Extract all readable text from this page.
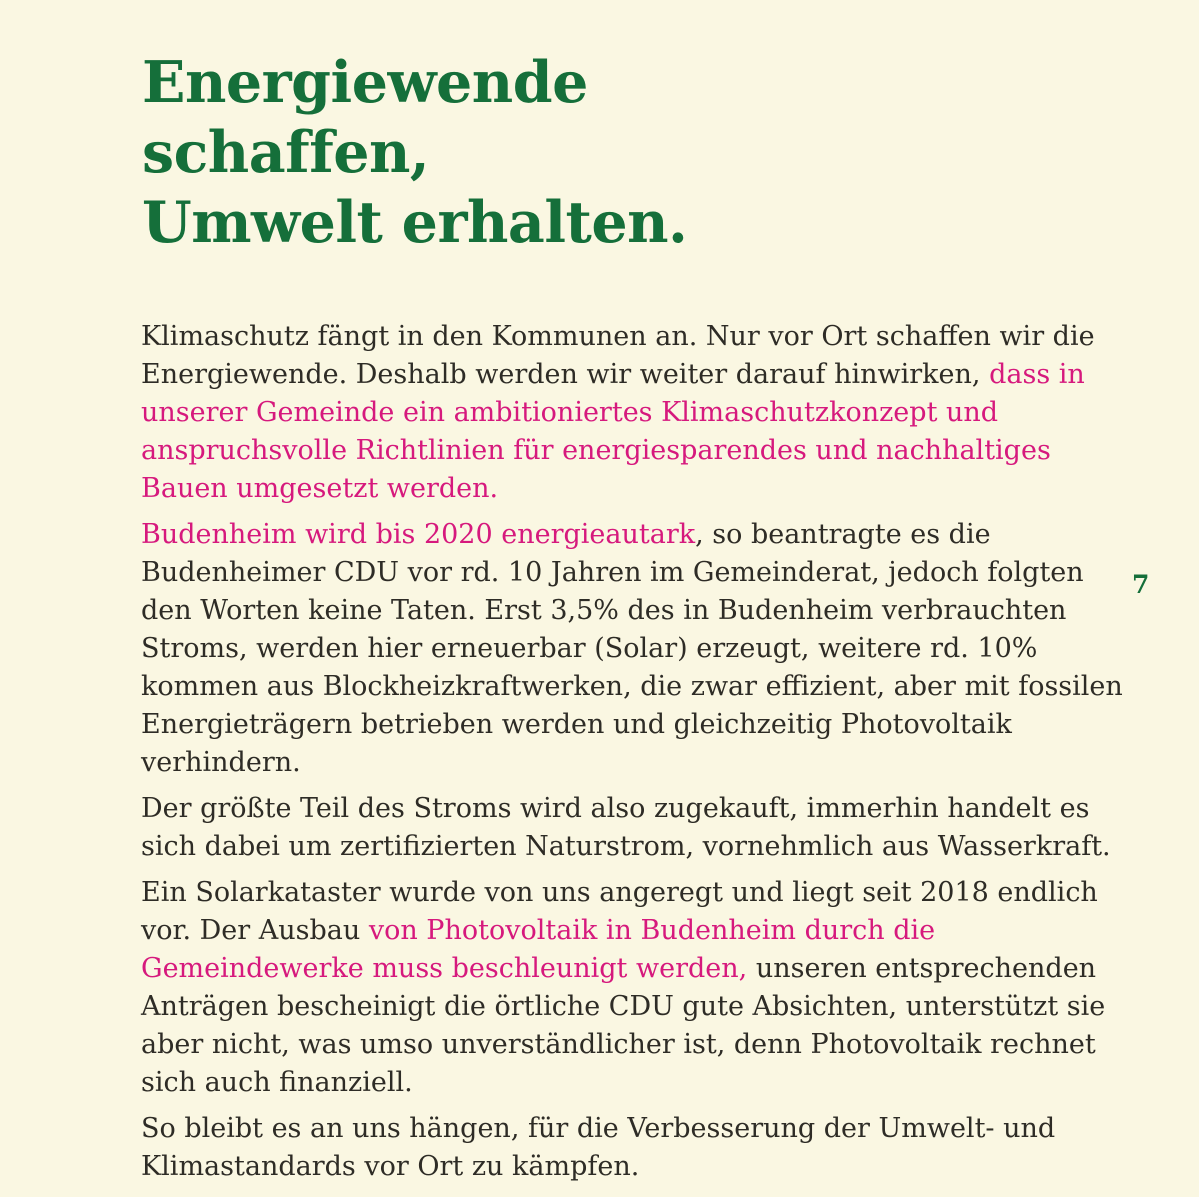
Energiewende
schaffen,
Umwelt erhalten.

Klimaschutz fängt in den Kommunen an. Nur vor Ort schaffen wir die Energiewende. Deshalb werden wir weiter darauf hinwirken, dass in unserer Gemeinde ein ambitioniertes Klimaschutzkonzept und anspruchsvolle Richtlinien für energiesparendes und nachhaltiges Bauen umgesetzt werden.

Budenheim wird bis 2020 energieautark, so beantragte es die Budenheimer CDU vor rd. 10 Jahren im Gemeinderat, jedoch folgten den Worten keine Taten. Erst 3,5% des in Budenheim verbrauchten Stroms, werden hier erneuerbar (Solar) erzeugt, weitere rd. 10% kommen aus Blockheizkraftwerken, die zwar effizient, aber mit fossilen Energieträgern betrieben werden und gleichzeitig Photovoltaik verhindern.

Der größte Teil des Stroms wird also zugekauft, immerhin handelt es sich dabei um zertifizierten Naturstrom, vornehmlich aus Wasserkraft.

Ein Solarkataster wurde von uns angeregt und liegt seit 2018 endlich vor. Der Ausbau von Photovoltaik in Budenheim durch die Gemeindewerke muss beschleunigt werden, unseren entsprechenden Anträgen bescheinigt die örtliche CDU gute Absichten, unterstützt sie aber nicht, was umso unverständlicher ist, denn Photovoltaik rechnet sich auch finanziell.

So bleibt es an uns hängen, für die Verbesserung der Umwelt- und Klimastandards vor Ort zu kämpfen.

7
